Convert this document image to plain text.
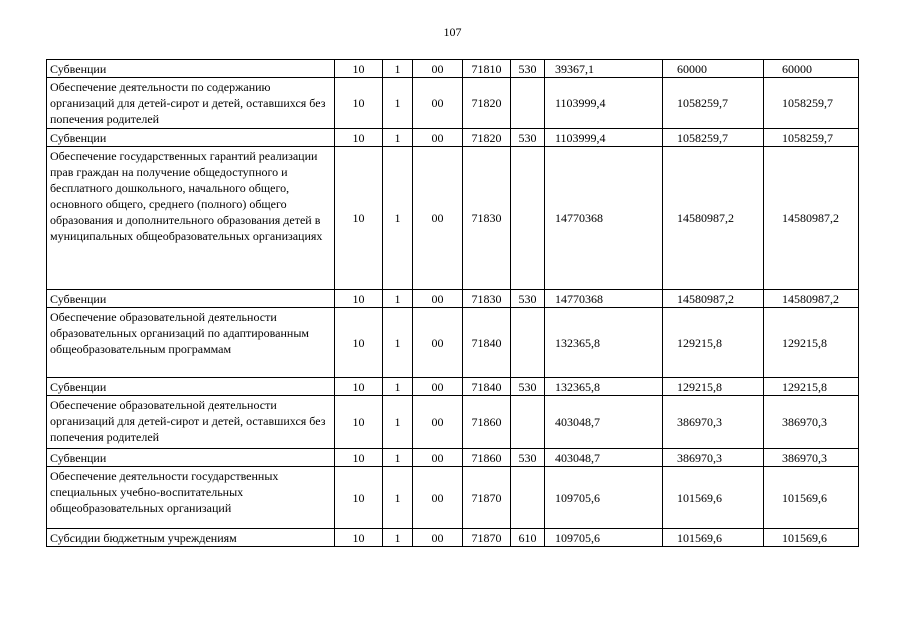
107
Субвенции	10	1	00	71810	530	39367,1	60000	60000
Обеспечение деятельности по содержанию организаций для детей-сирот и детей, оставшихся без попечения родителей	10	1	00	71820		1103999,4	1058259,7	1058259,7
Субвенции	10	1	00	71820	530	1103999,4	1058259,7	1058259,7
Обеспечение государственных гарантий реализации прав граждан на получение общедоступного и бесплатного дошкольного, начального общего, основного общего, среднего (полного) общего образования и дополнительного образования детей в муниципальных общеобразовательных организациях	10	1	00	71830		14770368	14580987,2	14580987,2
Субвенции	10	1	00	71830	530	14770368	14580987,2	14580987,2
Обеспечение образовательной деятельности образовательных организаций по адаптированным общеобразовательным программам	10	1	00	71840		132365,8	129215,8	129215,8
Субвенции	10	1	00	71840	530	132365,8	129215,8	129215,8
Обеспечение образовательной деятельности организаций для детей-сирот и детей, оставшихся без попечения родителей	10	1	00	71860		403048,7	386970,3	386970,3
Субвенции	10	1	00	71860	530	403048,7	386970,3	386970,3
Обеспечение деятельности государственных специальных учебно-воспитательных общеобразовательных организаций	10	1	00	71870		109705,6	101569,6	101569,6
Субсидии бюджетным учреждениям	10	1	00	71870	610	109705,6	101569,6	101569,6
